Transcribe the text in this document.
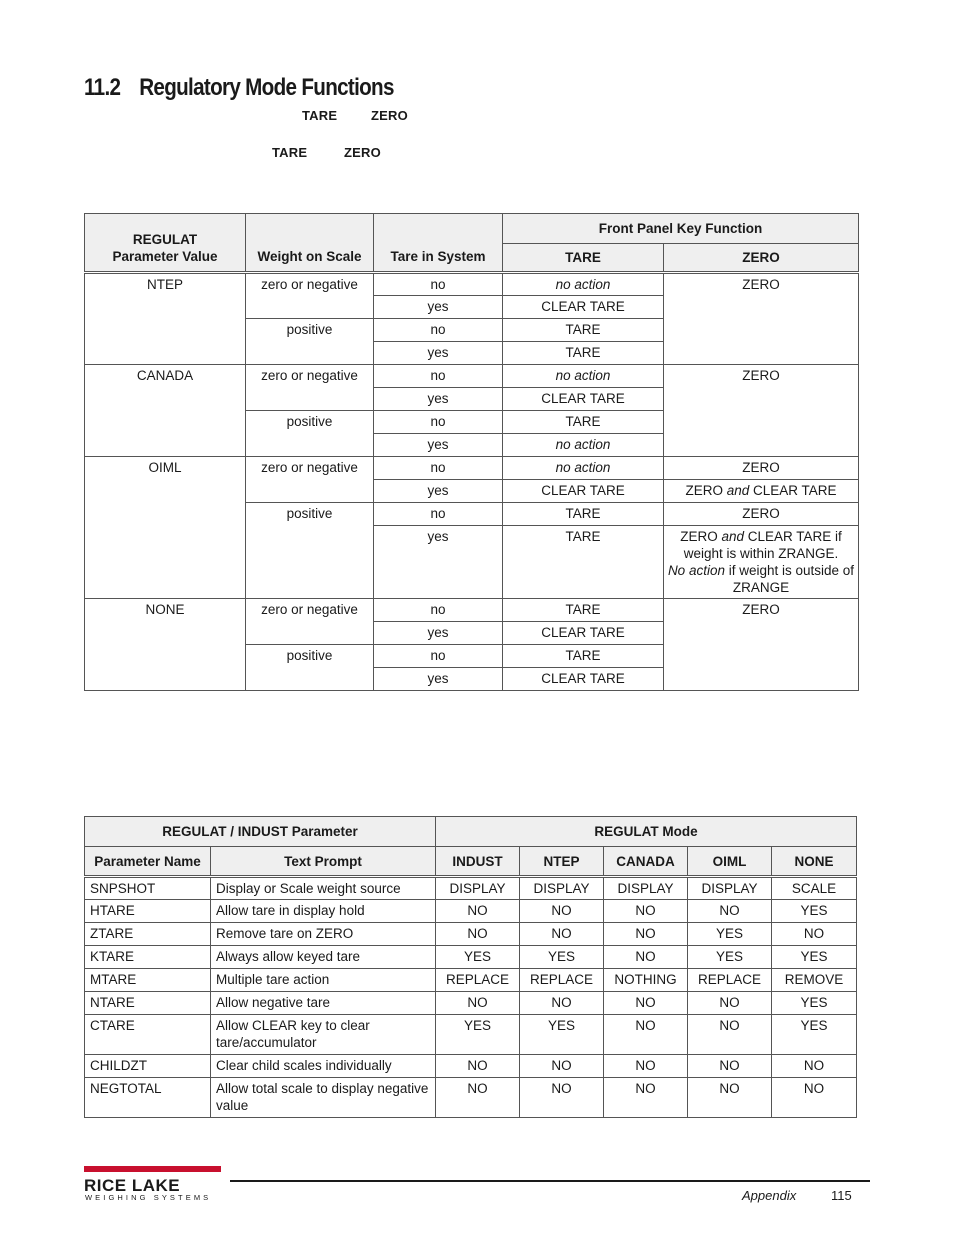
11.2 Regulatory Mode Functions
TARE	ZERO
TARE	ZERO
REGULAT
Parameter Value	Weight on Scale	Tare in System	Front Panel Key Function	
			TARE	ZERO
NTEP	zero or negative	no	no action	ZERO
		yes	CLEAR TARE	
	positive	no	TARE	
		yes	TARE	
CANADA	zero or negative	no	no action	ZERO
		yes	CLEAR TARE	
	positive	no	TARE	
		yes	no action	
OIML	zero or negative	no	no action	ZERO
		yes	CLEAR TARE	ZERO and CLEAR TARE
	positive	no	TARE	ZERO
		yes	TARE	ZERO and CLEAR TARE if weight is within ZRANGE.
No action if weight is outside of ZRANGE
NONE	zero or negative	no	TARE	ZERO
		yes	CLEAR TARE	
	positive	no	TARE	
		yes	CLEAR TARE	
REGULAT / INDUST Parameter		REGULAT Mode				
Parameter Name	Text Prompt	INDUST	NTEP	CANADA	OIML	NONE
SNPSHOT	Display or Scale weight source	DISPLAY	DISPLAY	DISPLAY	DISPLAY	SCALE
HTARE	Allow tare in display hold	NO	NO	NO	NO	YES
ZTARE	Remove tare on ZERO	NO	NO	NO	YES	NO
KTARE	Always allow keyed tare	YES	YES	NO	YES	YES
MTARE	Multiple tare action	REPLACE	REPLACE	NOTHING	REPLACE	REMOVE
NTARE	Allow negative tare	NO	NO	NO	NO	YES
CTARE	Allow CLEAR key to clear tare/accumulator	YES	YES	NO	NO	YES
CHILDZT	Clear child scales individually	NO	NO	NO	NO	NO
NEGTOTAL	Allow total scale to display negative value	NO	NO	NO	NO	NO
RICE LAKE
WEIGHING SYSTEMS	Appendix	115
